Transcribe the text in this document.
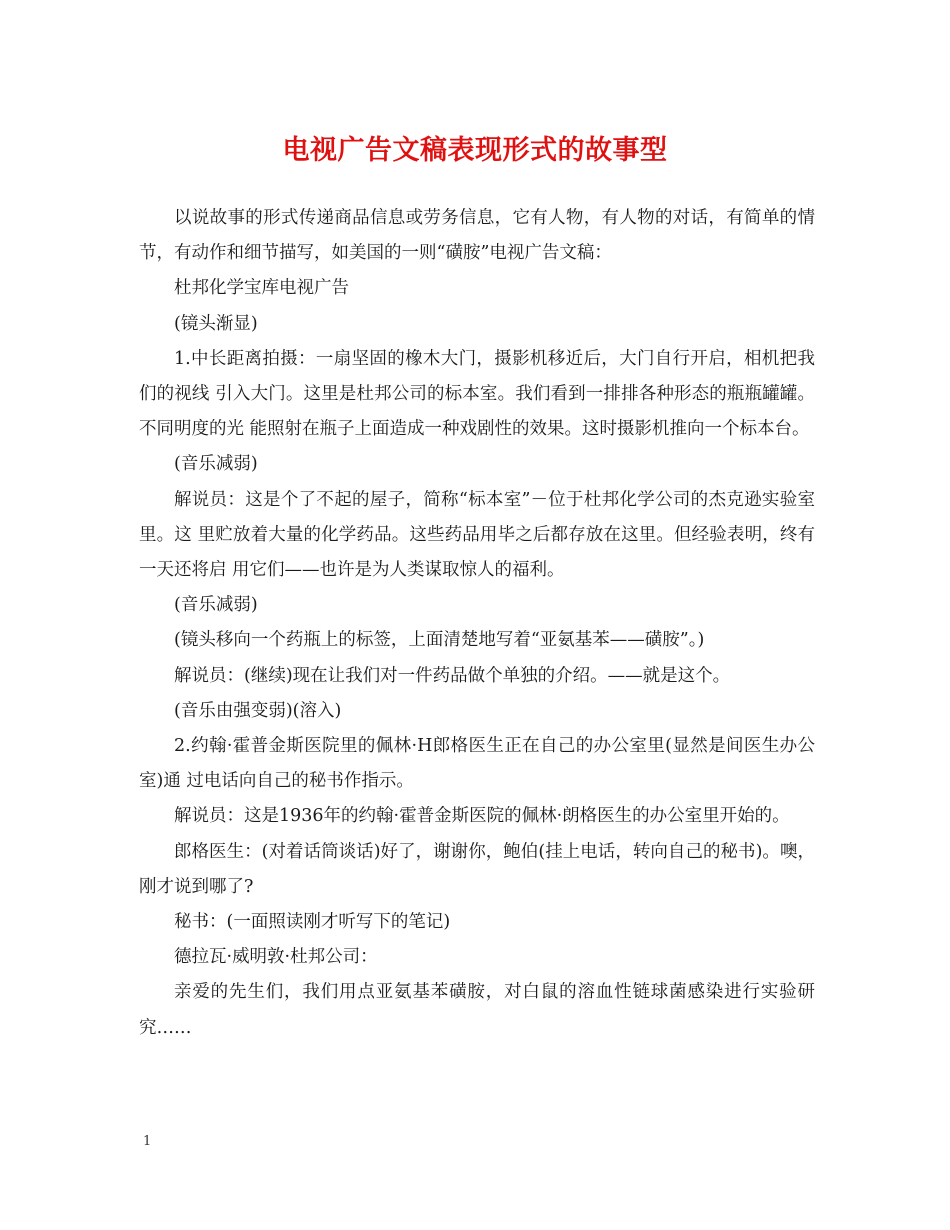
电视广告文稿表现形式的故事型

以说故事的形式传递商品信息或劳务信息，它有人物，有人物的对话，有简单的情节，有动作和细节描写，如美国的一则“磺胺”电视广告文稿：

杜邦化学宝库电视广告

(镜头渐显)

1.中长距离拍摄：一扇坚固的橡木大门，摄影机移近后，大门自行开启，相机把我们的视线 引入大门。这里是杜邦公司的标本室。我们看到一排排各种形态的瓶瓶罐罐。不同明度的光 能照射在瓶子上面造成一种戏剧性的效果。这时摄影机推向一个标本台。

(音乐减弱)

解说员：这是个了不起的屋子，简称“标本室”－位于杜邦化学公司的杰克逊实验室里。这 里贮放着大量的化学药品。这些药品用毕之后都存放在这里。但经验表明，终有一天还将启 用它们——也许是为人类谋取惊人的福利。

(音乐减弱)

(镜头移向一个药瓶上的标签，上面清楚地写着“亚氨基苯——磺胺”。)

解说员：(继续)现在让我们对一件药品做个单独的介绍。——就是这个。

(音乐由强变弱)(溶入)

2.约翰·霍普金斯医院里的佩林·H郎格医生正在自己的办公室里(显然是间医生办公室)通 过电话向自己的秘书作指示。

解说员：这是1936年的约翰·霍普金斯医院的佩林·朗格医生的办公室里开始的。

郎格医生：(对着话筒谈话)好了，谢谢你，鲍伯(挂上电话，转向自己的秘书)。噢，刚才说到哪了?

秘书：(一面照读刚才听写下的笔记)

德拉瓦·威明敦·杜邦公司：

亲爱的先生们，我们用点亚氨基苯磺胺，对白鼠的溶血性链球菌感染进行实验研究……

1
